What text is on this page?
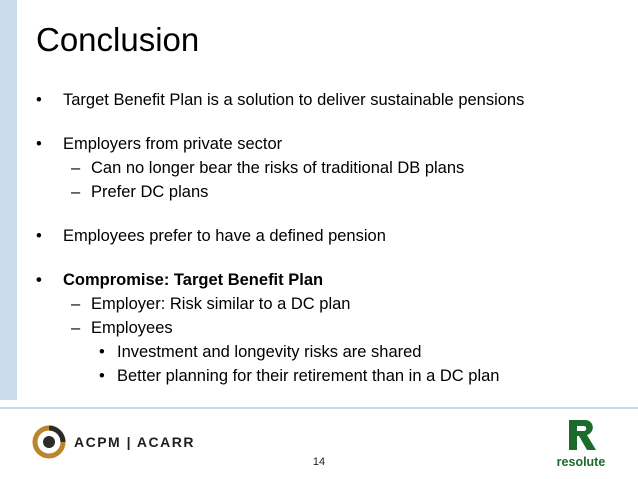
Conclusion
•	Target Benefit Plan is a solution to deliver sustainable pensions
•	Employers from private sector
– Can no longer bear the risks of traditional DB plans
– Prefer DC plans
•	Employees prefer to have a defined pension
•	Compromise: Target Benefit Plan
– Employer: Risk similar to a DC plan
– Employees
• Investment and longevity risks are shared
• Better planning for their retirement than in a DC plan
ACPM | ACARR
14	resolute
